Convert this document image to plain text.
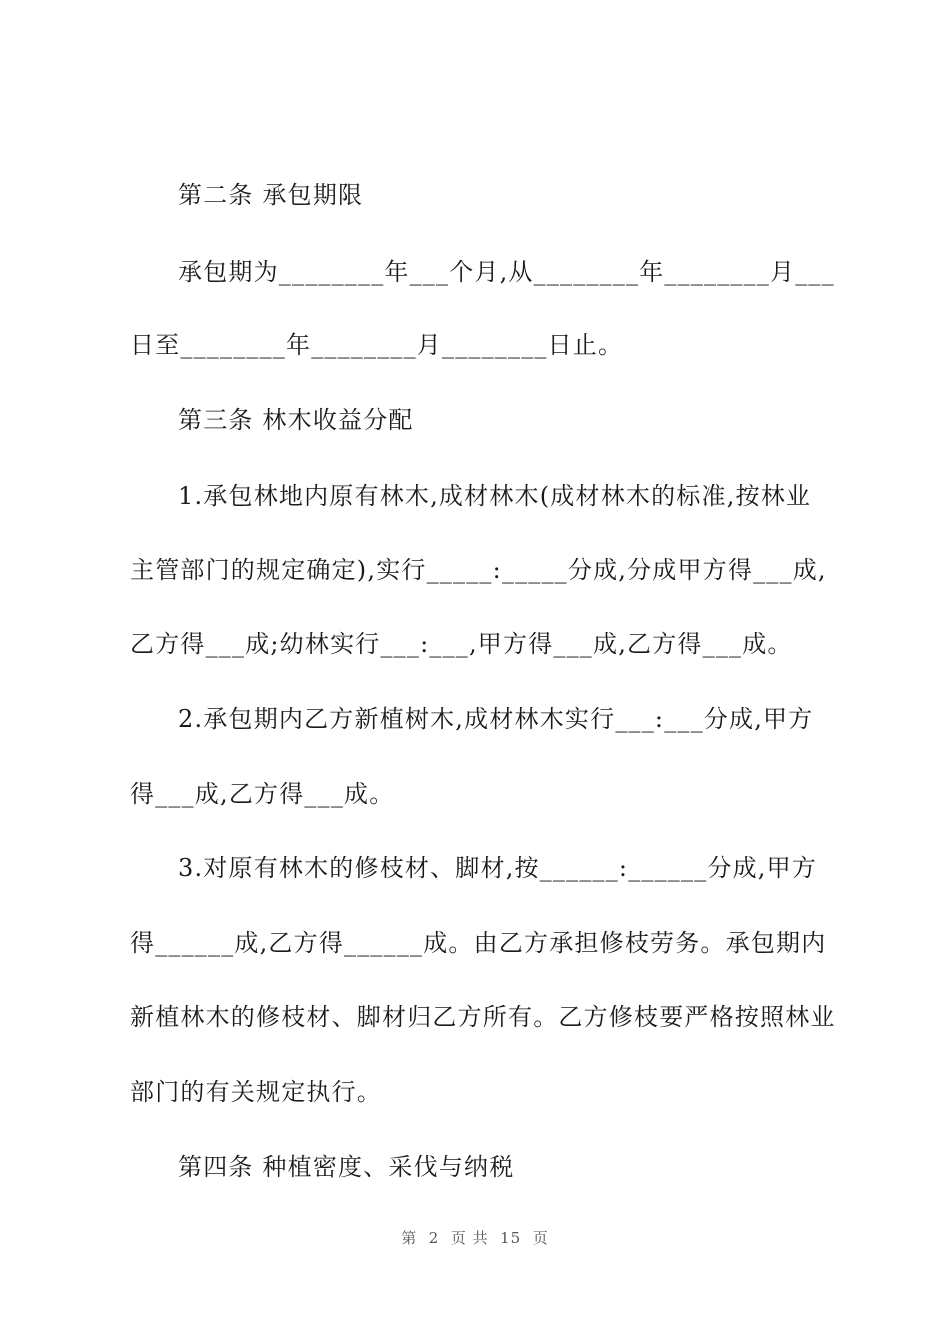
第二条 承包期限
承包期为________年___个月,从________年________月___
日至________年________月________日止。
第三条 林木收益分配
1.承包林地内原有林木,成材林木(成材林木的标准,按林业
主管部门的规定确定),实行_____:_____分成,分成甲方得___成,
乙方得___成;幼林实行___:___,甲方得___成,乙方得___成。
2.承包期内乙方新植树木,成材林木实行___:___分成,甲方
得___成,乙方得___成。
3.对原有林木的修枝材、脚材,按______:______分成,甲方
得______成,乙方得______成。由乙方承担修枝劳务。承包期内
新植林木的修枝材、脚材归乙方所有。乙方修枝要严格按照林业
部门的有关规定执行。
第四条 种植密度、采伐与纳税
第  2  页 共  15  页
